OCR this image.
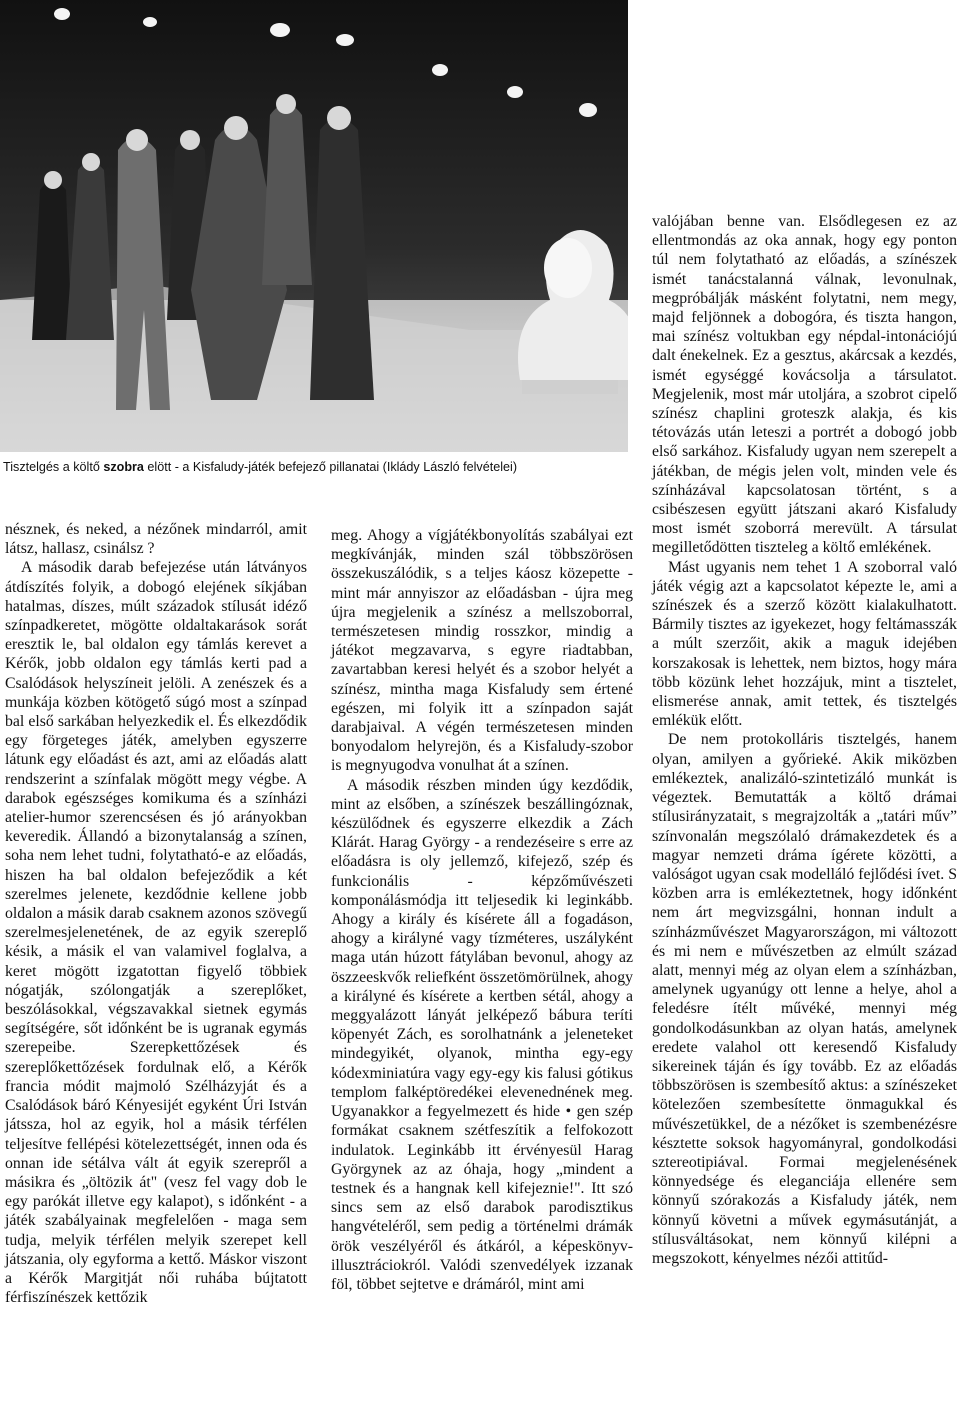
Tisztelgés a költő szobra elött - a Kisfaludy-játék befejező pillanatai (Iklády László felvételei)

nésznek, és neked, a nézőnek mindarról, amit látsz, hallasz, csinálsz ?

A második darab befejezése után látványos átdíszítés folyik, a dobogó elejének síkjában hatalmas, díszes, múlt századok stílusát idéző színpadkeretet, mögötte oldaltakarások sorát eresztik le, bal oldalon egy támlás kerevet a Kérők, jobb oldalon egy támlás kerti pad a Csalódások helyszíneit jelöli. A zenészek és a munkája közben kötögető súgó most a színpad bal első sarkában helyezkedik el. És elkezdődik egy förgeteges játék, amelyben egyszerre látunk egy előadást és azt, ami az előadás alatt rendszerint a színfalak mögött megy végbe. A darabok egészséges komikuma és a színházi atelier-humor szerencsésen és jó arányokban keveredik. Állandó a bizonytalanság a színen, soha nem lehet tudni, folytatható-e az előadás, hiszen ha bal oldalon befejeződik a két szerelmes jelenete, kezdődnie kellene jobb oldalon a másik darab csaknem azonos szövegű szerelmesjelenetének, de az egyik szereplő késik, a másik el van valamivel foglalva, a keret mögött izgatottan figyelő többiek nógatják, szólongatják a szereplőket, beszólásokkal, végszavakkal sietnek egymás segítségére, sőt időnként be is ugranak egymás szerepeibe. Szerepkettőzések és szereplőkettőzések fordulnak elő, a Kérők francia módit majmoló Szélházyját és a Csalódások báró Kényesijét egyként Úri István játssza, hol az egyik, hol a másik térfélen teljesítve fellépési kötelezettségét, innen oda és onnan ide sétálva vált át egyik szerepről a másikra és „öltözik át" (vesz fel vagy dob le egy parókát illetve egy kalapot), s időnként - a játék szabályainak megfelelően - maga sem tudja, melyik térfélen melyik szerepet kell játszania, oly egyforma a kettő. Máskor viszont a Kérők Margitját női ruhába bújtatott férfiszínészek kettőzik

meg. Ahogy a vígjátékbonyolítás szabályai ezt megkívánják, minden szál többszörösen összekuszálódik, s a teljes káosz közepette - mint már annyiszor az előadásban - újra meg újra megjelenik a színész a mellszoborral, természetesen mindig rosszkor, mindig a játékot megzavarva, s egyre riadtabban, zavartabban keresi helyét és a szobor helyét a színész, mintha maga Kisfaludy sem értené egészen, mi folyik itt a színpadon saját darabjaival. A végén természetesen minden bonyodalom helyrejön, és a Kisfaludy-szobor is megnyugodva vonulhat át a színen.

A második részben minden úgy kezdődik, mint az elsőben, a színészek beszállingóznak, készülődnek és egyszerre elkezdik a Zách Klárát. Harag György - a rendezéseire s erre az előadásra is oly jellemző, kifejező, szép és funkcionális - képzőművészeti komponálásmódja itt teljesedik ki leginkább. Ahogy a király és kísérete áll a fogadáson, ahogy a királyné vagy tízméteres, uszályként maga után húzott fátylában bevonul, ahogy az öszzeeskvők reliefként összetömörülnek, ahogy a királyné és kísérete a kertben sétál, ahogy a meggyalázott lányát jelképező bábura teríti köpenyét Zách, es sorolhatnánk a jeleneteket mindegyikét, olyanok, mintha egy-egy kódexminiatúra vagy egy-egy kis falusi gótikus templom falképtöredékei elevenednének meg. Ugyanakkor a fegyelmezett és hide • gen szép formákat csaknem szétfeszítik a felfokozott indulatok. Leginkább itt érvényesül Harag Györgynek az az óhaja, hogy „mindent a testnek és a hangnak kell kifejeznie!". Itt szó sincs sem az első darabok parodisztikus hangvételéről, sem pedig a történelmi drámák örök veszélyéről és átkáról, a képeskönyv-illusztráciokról. Valódi szenvedélyek izzanak föl, többet sejtetve e drámáról, mint ami

valójában benne van. Elsődlegesen ez az ellentmondás az oka annak, hogy egy ponton túl nem folytatható az előadás, a színészek ismét tanácstalanná válnak, levonulnak, megpróbálják másként folytatni, nem megy, majd feljönnek a dobogóra, és tiszta hangon, mai színész voltukban egy népdal-intonációjú dalt énekelnek. Ez a gesztus, akárcsak a kezdés, ismét egységgé kovácsolja a társulatot. Megjelenik, most már utoljára, a szobrot cipelő színész chaplini groteszk alakja, és kis tétovázás után leteszi a portrét a dobogó jobb első sarkához. Kisfaludy ugyan nem szerepelt a játékban, de mégis jelen volt, minden vele és színházával kapcsolatosan történt, s a csibészesen együtt játszani akaró Kisfaludy most ismét szoborrá merevült. A társulat megilletődötten tiszteleg a költő emlékének.

Mást ugyanis nem tehet 1 A szoborral való játék végig azt a kapcsolatot képezte le, ami a színészek és a szerző között kialakulhatott. Bármily tisztes az igyekezet, hogy feltámasszák a múlt szerzőit, akik a maguk idejében korszakosak is lehettek, nem biztos, hogy mára több közünk lehet hozzájuk, mint a tisztelet, elismerése annak, amit tettek, és tisztelgés emlékük előtt.

De nem protokolláris tisztelgés, hanem olyan, amilyen a győrieké. Akik miközben emlékeztek, analizáló-szintetizáló munkát is végeztek. Bemutatták a költő drámai stílusirányzatait, s megrajzolták a „tatári művˮ színvonalán megszólaló drámakezdetek és a magyar nemzeti dráma ígérete közötti, a valóságot ugyan csak modelláló fejlődési ívet. S közben arra is emlékeztetnek, hogy időnként nem árt megvizsgálni, honnan indult a színházművészet Magyarországon, mi változott és mi nem e művészetben az elmúlt század alatt, mennyi még az olyan elem a színházban, amelynek ugyanúgy ott lenne a helye, ahol a feledésre ítélt művéké, mennyi még gondolkodásunkban az olyan hatás, amelynek eredete valahol ott keresendő Kisfaludy sikereinek táján és így tovább. Ez az előadás többszörösen is szembesítő aktus: a színészeket kötelezően szembesítette önmagukkal és művészetükkel, de a nézőket is szembenézésre késztette soksok hagyományral, gondolkodási sztereotipiával. Formai megjelenésének könnyedsége és eleganciája ellenére sem könnyű szórakozás a Kisfaludy játék, nem könnyű követni a művek egymásutánját, a stílusváltásokat, nem könnyű kilépni a megszokott, kényelmes nézői attitűd-
